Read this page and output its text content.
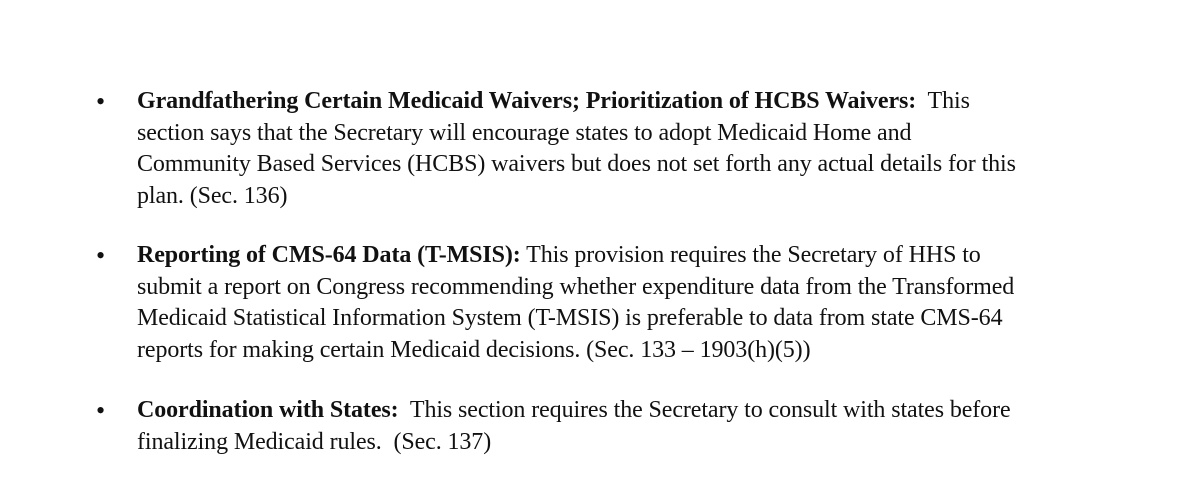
• Grandfathering Certain Medicaid Waivers; Prioritization of HCBS Waivers:  This
section says that the Secretary will encourage states to adopt Medicaid Home and
Community Based Services (HCBS) waivers but does not set forth any actual details for this
plan. (Sec. 136)
• Reporting of CMS-64 Data (T-MSIS): This provision requires the Secretary of HHS to
submit a report on Congress recommending whether expenditure data from the Transformed
Medicaid Statistical Information System (T-MSIS) is preferable to data from state CMS-64
reports for making certain Medicaid decisions. (Sec. 133 – 1903(h)(5))
• Coordination with States:  This section requires the Secretary to consult with states before
finalizing Medicaid rules.  (Sec. 137)
